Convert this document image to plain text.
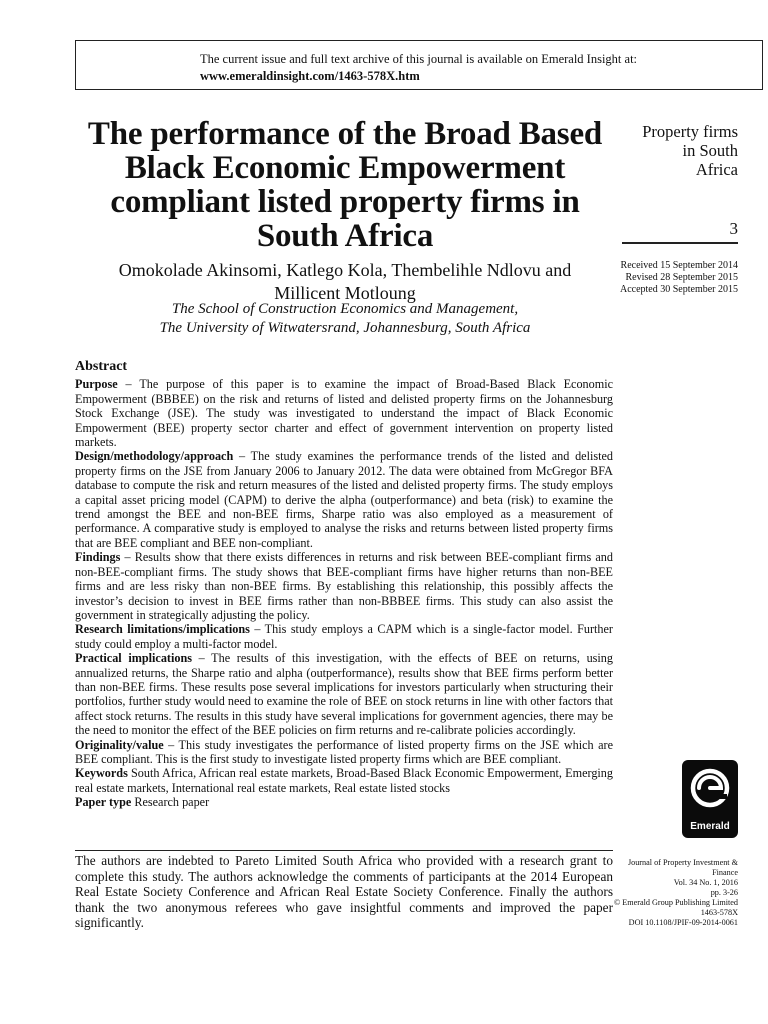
The current issue and full text archive of this journal is available on Emerald Insight at:
www.emeraldinsight.com/1463-578X.htm
The performance of the Broad Based Black Economic Empowerment compliant listed property firms in South Africa
Omokolade Akinsomi, Katlego Kola, Thembelihle Ndlovu and
Millicent Motloung
The School of Construction Economics and Management,
The University of Witwatersrand, Johannesburg, South Africa
Property firms
in South
Africa
3
Received 15 September 2014
Revised 28 September 2015
Accepted 30 September 2015
Abstract

Purpose – The purpose of this paper is to examine the impact of Broad-Based Black Economic Empowerment (BBBEE) on the risk and returns of listed and delisted property firms on the Johannesburg Stock Exchange (JSE). The study was investigated to understand the impact of Black Economic Empowerment (BEE) property sector charter and effect of government intervention on property listed markets.

Design/methodology/approach – The study examines the performance trends of the listed and delisted property firms on the JSE from January 2006 to January 2012. The data were obtained from McGregor BFA database to compute the risk and return measures of the listed and delisted property firms. The study employs a capital asset pricing model (CAPM) to derive the alpha (outperformance) and beta (risk) to examine the trend amongst the BEE and non-BEE firms, Sharpe ratio was also employed as a measurement of performance. A comparative study is employed to analyse the risks and returns between listed property firms that are BEE compliant and BEE non-compliant.

Findings – Results show that there exists differences in returns and risk between BEE-compliant firms and non-BEE-compliant firms. The study shows that BEE-compliant firms have higher returns than non-BEE firms and are less risky than non-BEE firms. By establishing this relationship, this possibly affects the investor’s decision to invest in BEE firms rather than non-BBBEE firms. This study can also assist the government in strategically adjusting the policy.

Research limitations/implications – This study employs a CAPM which is a single-factor model. Further study could employ a multi-factor model.

Practical implications – The results of this investigation, with the effects of BEE on returns, using annualized returns, the Sharpe ratio and alpha (outperformance), results show that BEE firms perform better than non-BEE firms. These results pose several implications for investors particularly when structuring their portfolios, further study would need to examine the role of BEE on stock returns in line with other factors that affect stock returns. The results in this study have several implications for government agencies, there may be the need to monitor the effect of the BEE policies on firm returns and re-calibrate policies accordingly.

Originality/value – This study investigates the performance of listed property firms on the JSE which are BEE compliant. This is the first study to investigate listed property firms which are BEE compliant.

Keywords South Africa, African real estate markets, Broad-Based Black Economic Empowerment, Emerging real estate markets, International real estate markets, Real estate listed stocks

Paper type Research paper

Emerald
The authors are indebted to Pareto Limited South Africa who provided with a research grant to complete this study. The authors acknowledge the comments of participants at the 2014 European Real Estate Society Conference and African Real Estate Society Conference. Finally the authors thank the two anonymous referees who gave insightful comments and improved the paper significantly.
Journal of Property Investment &
Finance
Vol. 34 No. 1, 2016
pp. 3-26
© Emerald Group Publishing Limited
1463-578X
DOI 10.1108/JPIF-09-2014-0061
